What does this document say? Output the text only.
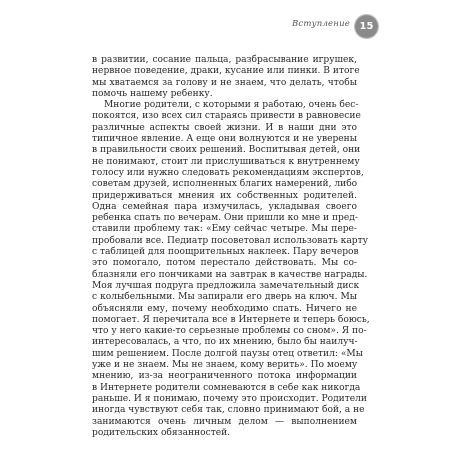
Вступление 15
в развитии, сосание пальца, разбрасывание игрушек,
нервное поведение, драки, кусание или пинки. В итоге
мы хватаемся за голову и не знаем, что делать, чтобы
помочь нашему ребенку.
Многие родители, с которыми я работаю, очень бес-
покоятся, изо всех сил стараясь привести в равновесие
различные аспекты своей жизни. И в наши дни это
типичное явление. А еще они волнуются и не уверены
в правильности своих решений. Воспитывая детей, они
не понимают, стоит ли прислушиваться к внутреннему
голосу или нужно следовать рекомендациям экспертов,
советам друзей, исполненных благих намерений, либо
придерживаться мнения их собственных родителей.
Одна семейная пара измучилась, укладывая своего
ребенка спать по вечерам. Они пришли ко мне и пред-
ставили проблему так: «Ему сейчас четыре. Мы пере-
пробовали все. Педиатр посоветовал использовать карту
с таблицей для поощрительных наклеек. Пару вечеров
это помогало, потом перестало действовать. Мы со-
блазняли его пончиками на завтрак в качестве награды.
Моя лучшая подруга предложила замечательный диск
с колыбельными. Мы запирали его дверь на ключ. Мы
объясняли ему, почему необходимо спать. Ничего не
помогает. Я перечитала все в Интернете и теперь боюсь,
что у него какие-то серьезные проблемы со сном». Я по-
интересовалась, а что, по их мнению, было бы наилуч-
шим решением. После долгой паузы отец ответил: «Мы
уже и не знаем. Мы не знаем, кому верить». По моему
мнению, из-за неограниченного потока информации
в Интернете родители сомневаются в себе как никогда
раньше. И я понимаю, почему это происходит. Родители
иногда чувствуют себя так, словно принимают бой, а не
занимаются очень личным делом — выполнением
родительских обязанностей.
